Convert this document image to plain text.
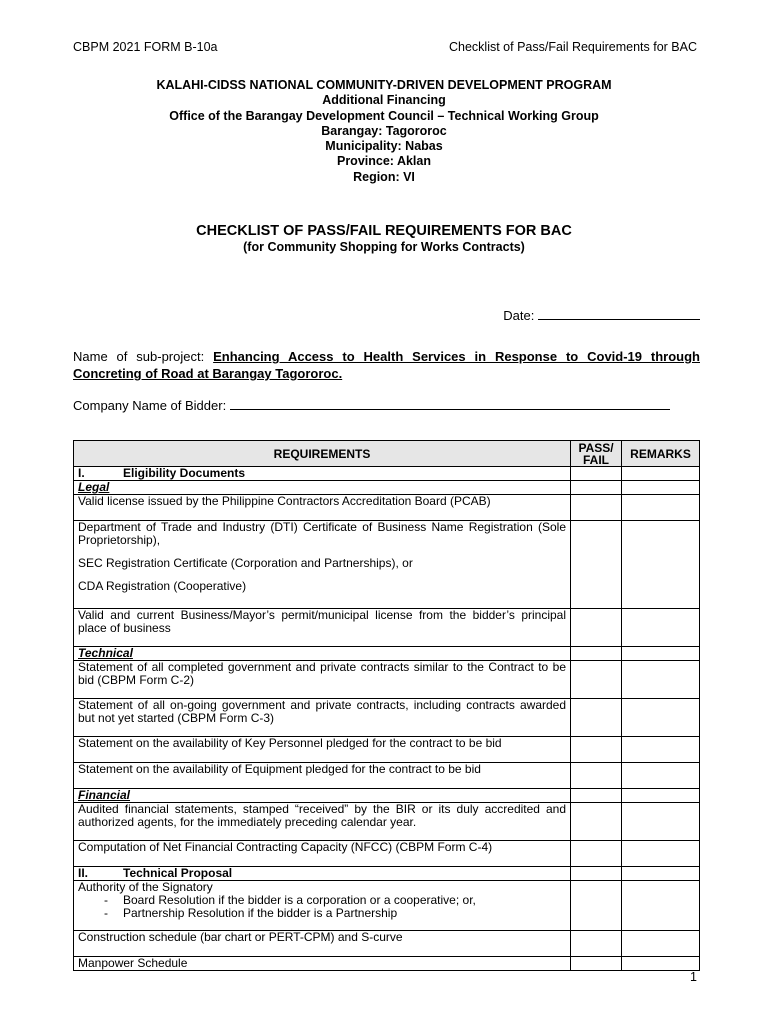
CBPM 2021 FORM B-10a	Checklist of Pass/Fail Requirements for BAC
KALAHI-CIDSS NATIONAL COMMUNITY-DRIVEN DEVELOPMENT PROGRAM
Additional Financing
Office of the Barangay Development Council – Technical Working Group
Barangay: Tagororoc
Municipality: Nabas
Province: Aklan
Region: VI
CHECKLIST OF PASS/FAIL REQUIREMENTS FOR BAC
(for Community Shopping for Works Contracts)
Date:
Name of sub-project: Enhancing Access to Health Services in Response to Covid-19 through Concreting of Road at Barangay Tagororoc.
Company Name of Bidder:
REQUIREMENTS	PASS/ FAIL	REMARKS
I. Eligibility Documents		
Legal		
Valid license issued by the Philippine Contractors Accreditation Board (PCAB)		

Department of Trade and Industry (DTI) Certificate of Business Name Registration (Sole Proprietorship),
SEC Registration Certificate (Corporation and Partnerships), or
CDA Registration (Cooperative)		

Valid and current Business/Mayor’s permit/municipal license from the bidder’s principal place of business		
Technical		
Statement of all completed government and private contracts similar to the Contract to be bid (CBPM Form C-2)		
Statement of all on-going government and private contracts, including contracts awarded but not yet started (CBPM Form C-3)		
Statement on the availability of Key Personnel pledged for the contract to be bid		
Statement on the availability of Equipment pledged for the contract to be bid		
Financial		
Audited financial statements, stamped “received” by the BIR or its duly accredited and authorized agents, for the immediately preceding calendar year.		
Computation of Net Financial Contracting Capacity (NFCC) (CBPM Form C-4)		
II. Technical Proposal		

Authority of the Signatory
- Board Resolution if the bidder is a corporation or a cooperative; or,
- Partnership Resolution if the bidder is a Partnership		

Construction schedule (bar chart or PERT-CPM) and S-curve		
Manpower Schedule		
1
